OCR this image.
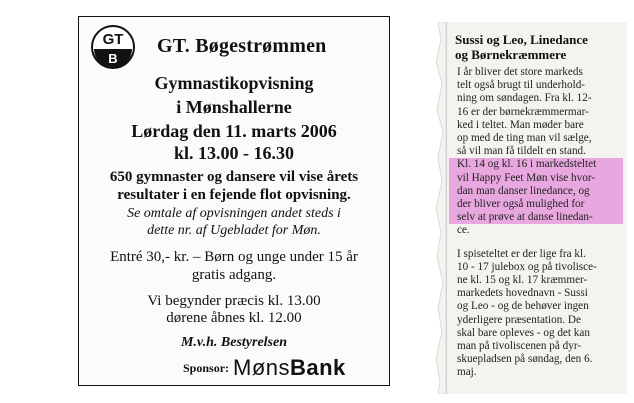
GT
B
GT. Bøgestrømmen
Gymnastikopvisning
i Mønshallerne
Lørdag den 11. marts 2006
kl. 13.00 - 16.30
650 gymnaster og dansere vil vise årets
resultater i en fejende flot opvisning.
Se omtale af opvisningen andet steds i
dette nr. af Ugebladet for Møn.
Entré 30,- kr. – Børn og unge under 15 år
gratis adgang.
Vi begynder præcis kl. 13.00
dørene åbnes kl. 12.00
M.v.h. Bestyrelsen
Sponsor: MønsBank
Sussi og Leo, Linedance
og Børnekræmmere
I år bliver det store markeds
telt også brugt til underhold-
ning om søndagen. Fra kl. 12-
16 er der børnekræmmermar-
ked i teltet. Man møder bare
op med de ting man vil sælge,
så vil man få tildelt en stand.
Kl. 14 og kl. 16 i markedsteltet
vil Happy Feet Møn vise hvor-
dan man danser linedance, og
der bliver også mulighed for
selv at prøve at danse linedan-
ce.
I spiseteltet er der lige fra kl.
10 - 17 julebox og på tivolisce-
ne kl. 15 og kl. 17 kræmmer-
markedets hovednavn - Sussi
og Leo - og de behøver ingen
yderligere præsentation. De
skal bare opleves - og det kan
man på tivoliscenen på dyr-
skuepladsen på søndag, den 6.
maj.
